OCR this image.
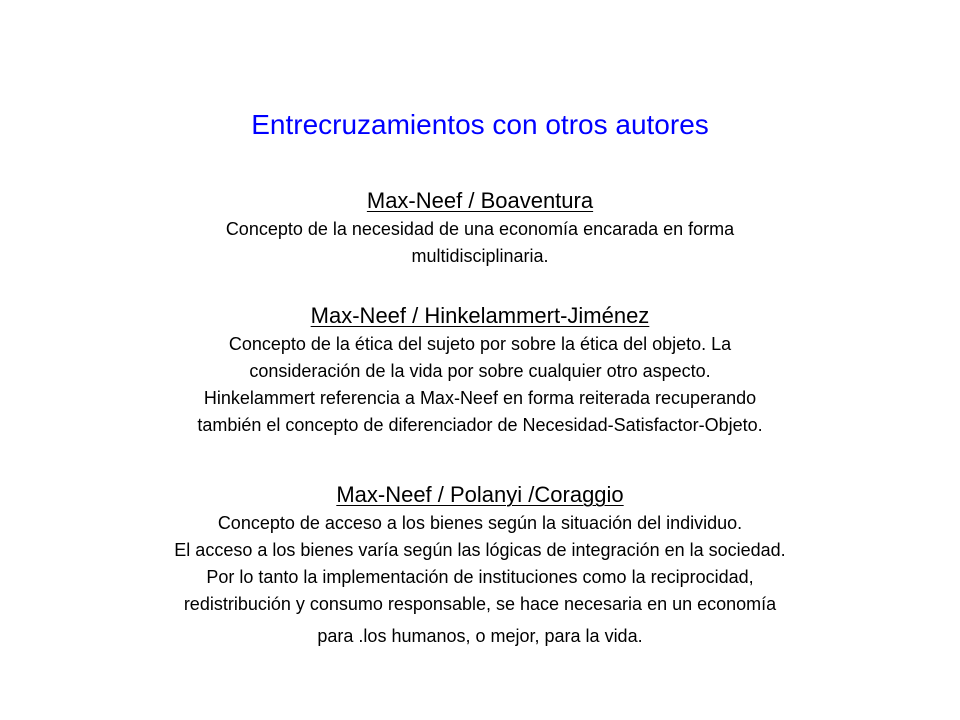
Entrecruzamientos con otros autores
Max-Neef / Boaventura
Concepto de la necesidad de una economía encarada en forma
multidisciplinaria.
Max-Neef / Hinkelammert-Jiménez
Concepto de la ética del sujeto por sobre la ética del objeto. La
consideración de la vida por sobre cualquier otro aspecto.
Hinkelammert referencia a Max-Neef en forma reiterada recuperando
también el concepto de diferenciador de Necesidad-Satisfactor-Objeto.
Max-Neef / Polanyi /Coraggio
Concepto de acceso a los bienes según la situación del individuo.
El acceso a los bienes varía según las lógicas de integración en la sociedad.
Por lo tanto la implementación de instituciones como la reciprocidad,
redistribución y consumo responsable, se hace necesaria en un economía
para .los humanos, o mejor, para la vida.
